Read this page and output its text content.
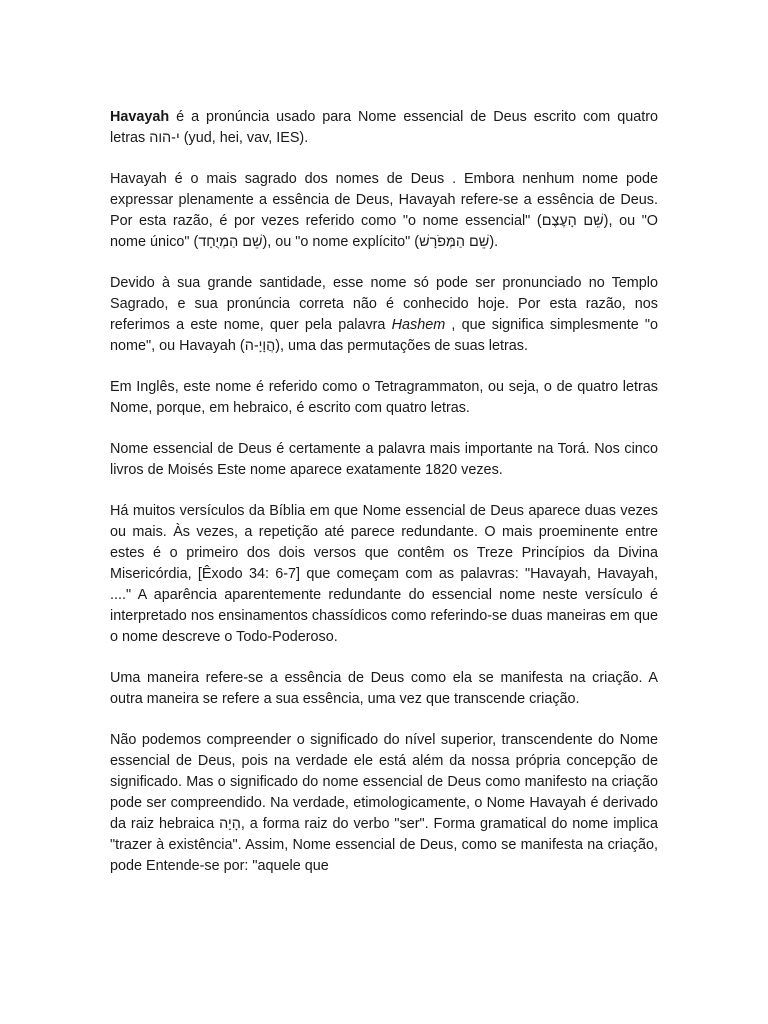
Havayah é a pronúncia usado para Nome essencial de Deus escrito com quatro letras י-הוה (yud, hei, vav, IES).

Havayah é o mais sagrado dos nomes de Deus . Embora nenhum nome pode expressar plenamente a essência de Deus, Havayah refere-se a essência de Deus. Por esta razão, é por vezes referido como "o nome essencial" (שֵׁם הָעֶצֶם), ou "O nome único" (שֵׁם הַמְיֻחָד), ou "o nome explícito" (שֵׁם הַמְּפֹרָשׁ).

Devido à sua grande santidade, esse nome só pode ser pronunciado no Templo Sagrado, e sua pronúncia correta não é conhecido hoje. Por esta razão, nos referimos a este nome, quer pela palavra Hashem , que significa simplesmente "o nome", ou Havayah (הֲוָיָ-ה), uma das permutações de suas letras.

Em Inglês, este nome é referido como o Tetragrammaton, ou seja, o de quatro letras Nome, porque, em hebraico, é escrito com quatro letras.

Nome essencial de Deus é certamente a palavra mais importante na Torá. Nos cinco livros de Moisés Este nome aparece exatamente 1820 vezes.

Há muitos versículos da Bíblia em que Nome essencial de Deus aparece duas vezes ou mais. Às vezes, a repetição até parece redundante. O mais proeminente entre estes é o primeiro dos dois versos que contêm os Treze Princípios da Divina Misericórdia, [Êxodo 34: 6-7] que começam com as palavras: "Havayah, Havayah, ...." A aparência aparentemente redundante do essencial nome neste versículo é interpretado nos ensinamentos chassídicos como referindo-se duas maneiras em que o nome descreve o Todo-Poderoso.

Uma maneira refere-se a essência de Deus como ela se manifesta na criação. A outra maneira se refere a sua essência, uma vez que transcende criação.

Não podemos compreender o significado do nível superior, transcendente do Nome essencial de Deus, pois na verdade ele está além da nossa própria concepção de significado. Mas o significado do nome essencial de Deus como manifesto na criação pode ser compreendido. Na verdade, etimologicamente, o Nome Havayah é derivado da raiz hebraica הָיָה, a forma raiz do verbo "ser". Forma gramatical do nome implica "trazer à existência". Assim, Nome essencial de Deus, como se manifesta na criação, pode Entende-se por: "aquele que
